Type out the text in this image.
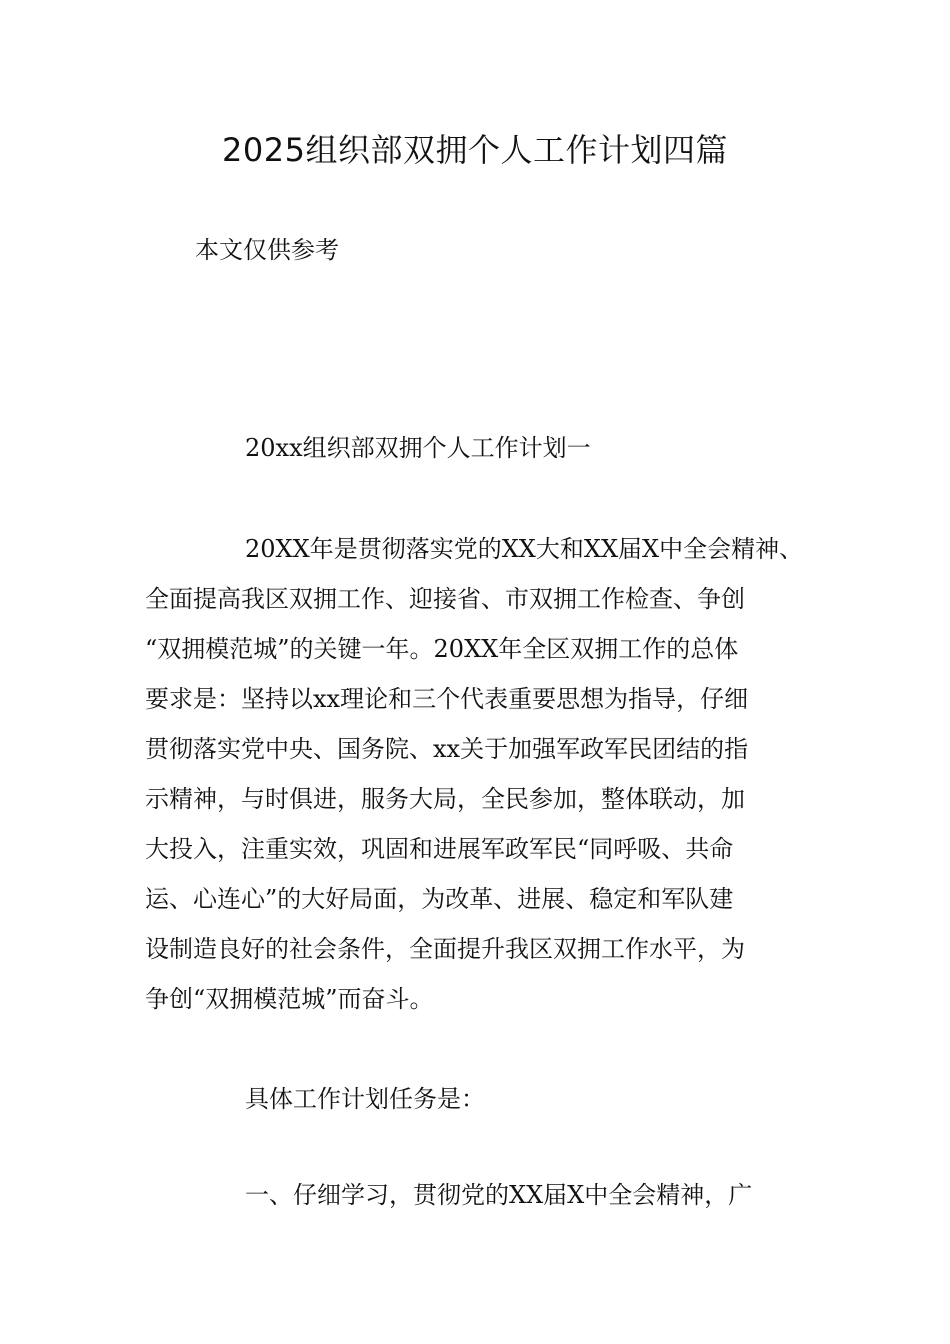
2025组织部双拥个人工作计划四篇

本文仅供参考

20xx组织部双拥个人工作计划一
20XX年是贯彻落实党的XX大和XX届X中全会精神、
全面提高我区双拥工作、迎接省、市双拥工作检查、争创
“双拥模范城”的关键一年。20XX年全区双拥工作的总体
要求是：坚持以xx理论和三个代表重要思想为指导，仔细
贯彻落实党中央、国务院、xx关于加强军政军民团结的指
示精神，与时俱进，服务大局，全民参加，整体联动，加
大投入，注重实效，巩固和进展军政军民“同呼吸、共命
运、心连心”的大好局面，为改革、进展、稳定和军队建
设制造良好的社会条件，全面提升我区双拥工作水平，为
争创“双拥模范城”而奋斗。
具体工作计划任务是：
一、仔细学习，贯彻党的XX届X中全会精神，广
